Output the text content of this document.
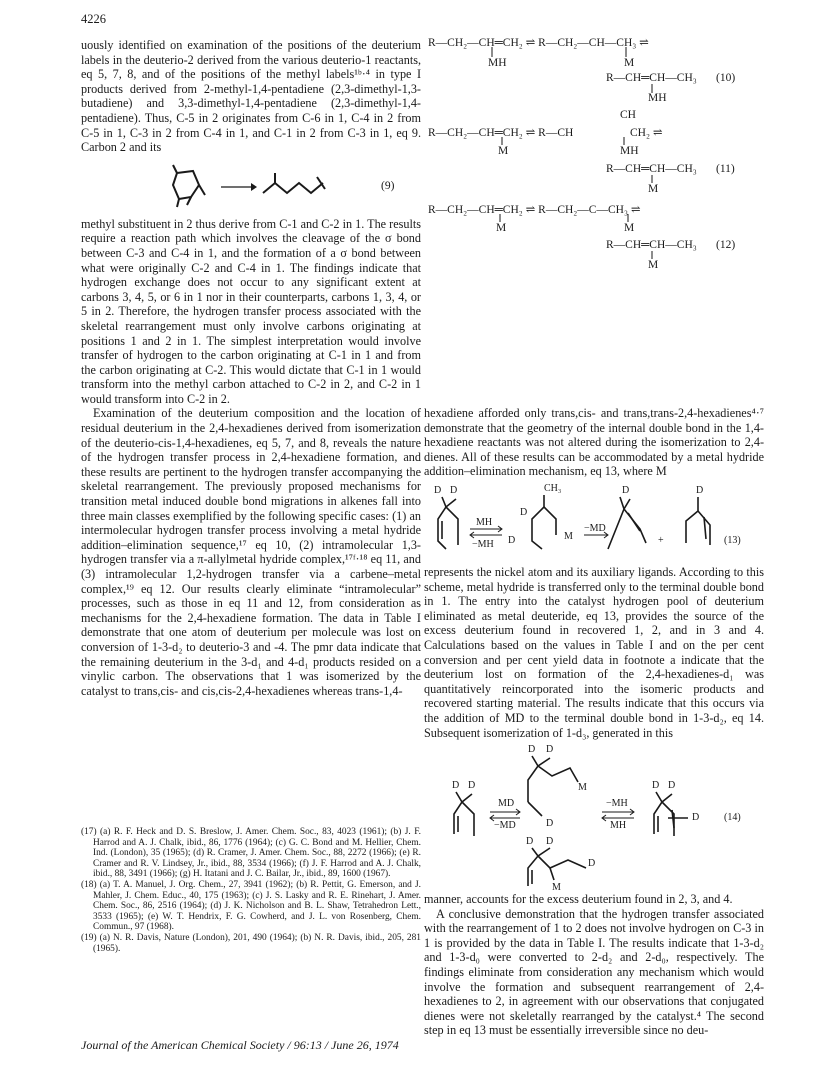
4226

uously identified on examination of the positions of the deuterium labels in the deuterio-2 derived from the various deuterio-1 reactants, eq 5, 7, 8, and of the positions of the methyl labels¹ᵇ·⁴ in type I products derived from 2-methyl-1,4-pentadiene (2,3-dimethyl-1,3-butadiene) and 3,3-dimethyl-1,4-pentadiene (2,3-dimethyl-1,4-pentadiene). Thus, C-5 in 2 originates from C-6 in 1, C-4 in 2 from C-5 in 1, C-3 in 2 from C-4 in 1, and C-1 in 2 from C-3 in 1, eq 9. Carbon 2 and its

(9)

methyl substituent in 2 thus derive from C-1 and C-2 in 1. The results require a reaction path which involves the cleavage of the σ bond between C-3 and C-4 in 1, and the formation of a σ bond between what were originally C-2 and C-4 in 1. The findings indicate that hydrogen exchange does not occur to any significant extent at carbons 3, 4, 5, or 6 in 1 nor in their counterparts, carbons 1, 3, 4, or 5 in 2. Therefore, the hydrogen transfer process associated with the skeletal rearrangement must only involve carbons originating at positions 1 and 2 in 1. The simplest interpretation would involve transfer of hydrogen to the carbon originating at C-1 in 1 and from the carbon originating at C-2. This would dictate that C-1 in 1 would transform into the methyl carbon attached to C-2 in 2, and C-2 in 1 would transform into C-2 in 2.

Examination of the deuterium composition and the location of residual deuterium in the 2,4-hexadienes derived from isomerization of the deuterio-cis-1,4-hexadienes, eq 5, 7, and 8, reveals the nature of the hydrogen transfer process in 2,4-hexadiene formation, and these results are pertinent to the hydrogen transfer accompanying the skeletal rearrangement. The previously proposed mechanisms for transition metal induced double bond migrations in alkenes fall into three main classes exemplified by the following specific cases: (1) an intermolecular hydrogen transfer process involving a metal hydride addition–elimination sequence,¹⁷ eq 10, (2) intramolecular 1,3-hydrogen transfer via a π-allylmetal hydride complex,¹⁷ᶠ·¹⁸ eq 11, and (3) intramolecular 1,2-hydrogen transfer via a carbene–metal complex,¹⁹ eq 12. Our results clearly eliminate “intramolecular” processes, such as those in eq 11 and 12, from consideration as mechanisms for the 2,4-hexadiene formation. The data in Table I demonstrate that one atom of deuterium per molecule was lost on conversion of 1-3-d₂ to deuterio-3 and -4. The pmr data indicate that the remaining deuterium in the 3-d₁ and 4-d₁ products resided on a vinylic carbon. The observations that 1 was isomerized by the catalyst to trans,cis- and cis,cis-2,4-hexadienes whereas trans-1,4-

(17) (a) R. F. Heck and D. S. Breslow, J. Amer. Chem. Soc., 83, 4023 (1961); (b) J. F. Harrod and A. J. Chalk, ibid., 86, 1776 (1964); (c) G. C. Bond and M. Hellier, Chem. Ind. (London), 35 (1965); (d) R. Cramer, J. Amer. Chem. Soc., 88, 2272 (1966); (e) R. Cramer and R. V. Lindsey, Jr., ibid., 88, 3534 (1966); (f) J. F. Harrod and A. J. Chalk, ibid., 88, 3491 (1966); (g) H. Itatani and J. C. Bailar, Jr., ibid., 89, 1600 (1967).

(18) (a) T. A. Manuel, J. Org. Chem., 27, 3941 (1962); (b) R. Pettit, G. Emerson, and J. Mahler, J. Chem. Educ., 40, 175 (1963); (c) J. S. Lasky and R. E. Rinehart, J. Amer. Chem. Soc., 86, 2516 (1964); (d) J. K. Nicholson and B. L. Shaw, Tetrahedron Lett., 3533 (1965); (e) W. T. Hendrix, F. G. Cowherd, and J. L. von Rosenberg, Chem. Commun., 97 (1968).

(19) (a) N. R. Davis, Nature (London), 201, 490 (1964); (b) N. R. Davis, ibid., 205, 281 (1965).

R—CH₂—CH═CH₂ ⇌ R—CH₂—CH—CH₃ ⇌
MH	M
R—CH═CH—CH₃
MH
(10)
CH
R—CH₂—CH═CH₂ ⇌ R—CH	CH₂ ⇌
M	MH
R—CH═CH—CH₃
M
(11)
R—CH₂—CH═CH₂ ⇌ R—CH₂—C—CH₃ ⇌
M	M
R—CH═CH—CH₃
M
(12)

hexadiene afforded only trans,cis- and trans,trans-2,4-hexadienes⁴·⁷ demonstrate that the geometry of the internal double bond in the 1,4-hexadiene reactants was not altered during the isomerization to 2,4-dienes. All of these results can be accommodated by a metal hydride addition–elimination mechanism, eq 13, where M

D D	CH₃
D
D
D	D
MH
−MH
M
−MD
+	(13)

represents the nickel atom and its auxiliary ligands. According to this scheme, metal hydride is transferred only to the terminal double bond in 1. The entry into the catalyst hydrogen pool of deuterium eliminated as metal deuteride, eq 13, provides the source of the excess deuterium found in recovered 1, 2, and in 3 and 4. Calculations based on the values in Table I and on the per cent conversion and per cent yield data in footnote a indicate that the deuterium lost on formation of the 2,4-hexadienes-d₁ was quantitatively reincorporated into the isomeric products and recovered starting material. The results indicate that this occurs via the addition of MD to the terminal double bond in 1-3-d₂, eq 14. Subsequent isomerization of 1-d₃, generated in this

D D
D D
MD
−MD
M
D
D D
D
M
−MH
MH
D D
D (14)

manner, accounts for the excess deuterium found in 2, 3, and 4.

A conclusive demonstration that the hydrogen transfer associated with the rearrangement of 1 to 2 does not involve hydrogen on C-3 in 1 is provided by the data in Table I. The results indicate that 1-3-d₂ and 1-3-d₀ were converted to 2-d₂ and 2-d₀, respectively. The findings eliminate from consideration any mechanism which would involve the formation and subsequent rearrangement of 2,4-hexadienes to 2, in agreement with our observations that conjugated dienes were not skeletally rearranged by the catalyst.⁴ The second step in eq 13 must be essentially irreversible since no deu-

Journal of the American Chemical Society / 96:13 / June 26, 1974
